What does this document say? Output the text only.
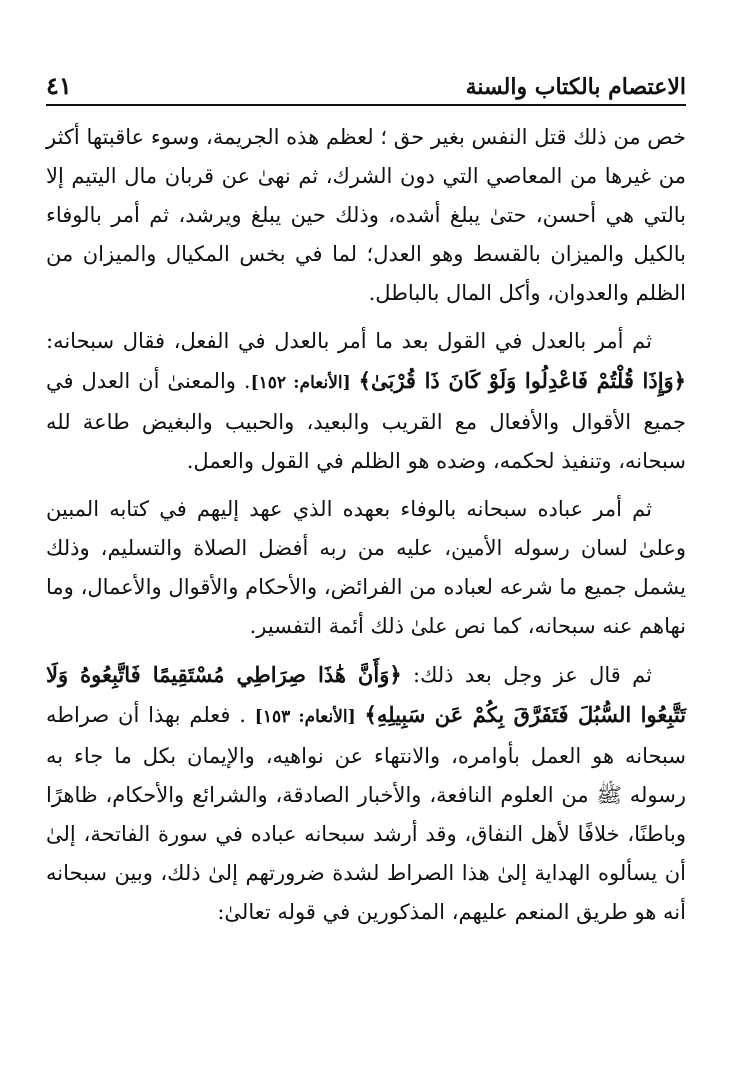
الاعتصام بالكتاب والسنة
٤١

خص من ذلك قتل النفس بغير حق ؛ لعظم هذه الجريمة، وسوء عاقبتها أكثر من غيرها من المعاصي التي دون الشرك، ثم نهىٰ عن قربان مال اليتيم إلا بالتي هي أحسن، حتىٰ يبلغ أشده، وذلك حين يبلغ ويرشد، ثم أمر بالوفاء بالكيل والميزان بالقسط وهو العدل؛ لما في بخس المكيال والميزان من الظلم والعدوان، وأكل المال بالباطل.

ثم أمر بالعدل في القول بعد ما أمر بالعدل في الفعل، فقال سبحانه: ﴿وَإِذَا قُلْتُمْ فَاعْدِلُوا وَلَوْ كَانَ ذَا قُرْبَىٰ﴾ [الأنعام: ١٥٢]. والمعنىٰ أن العدل في جميع الأقوال والأفعال مع القريب والبعيد، والحبيب والبغيض طاعة لله سبحانه، وتنفيذ لحكمه، وضده هو الظلم في القول والعمل.

ثم أمر عباده سبحانه بالوفاء بعهده الذي عهد إليهم في كتابه المبين وعلىٰ لسان رسوله الأمين، عليه من ربه أفضل الصلاة والتسليم، وذلك يشمل جميع ما شرعه لعباده من الفرائض، والأحكام والأقوال والأعمال، وما نهاهم عنه سبحانه، كما نص علىٰ ذلك أئمة التفسير.

ثم قال عز وجل بعد ذلك: ﴿وَأَنَّ هَٰذَا صِرَاطِي مُسْتَقِيمًا فَاتَّبِعُوهُ وَلَا تَتَّبِعُوا السُّبُلَ فَتَفَرَّقَ بِكُمْ عَن سَبِيلِهِ﴾ [الأنعام: ١٥٣] . فعلم بهذا أن صراطه سبحانه هو العمل بأوامره، والانتهاء عن نواهيه، والإيمان بكل ما جاء به رسوله ﷺ من العلوم النافعة، والأخبار الصادقة، والشرائع والأحكام، ظاهرًا وباطنًا، خلافًا لأهل النفاق، وقد أرشد سبحانه عباده في سورة الفاتحة، إلىٰ أن يسألوه الهداية إلىٰ هذا الصراط لشدة ضرورتهم إلىٰ ذلك، وبين سبحانه أنه هو طريق المنعم عليهم، المذكورين في قوله تعالىٰ:
